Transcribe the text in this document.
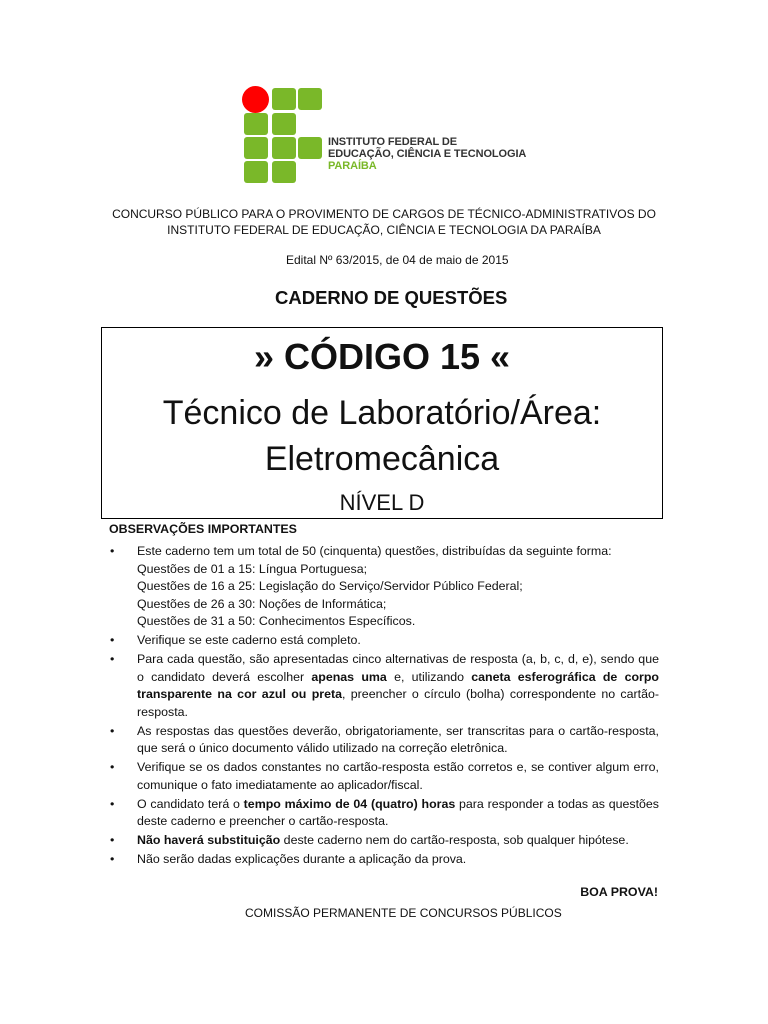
INSTITUTO FEDERAL DE
EDUCAÇÃO, CIÊNCIA E TECNOLOGIA
PARAÍBA
CONCURSO PÚBLICO PARA O PROVIMENTO DE CARGOS DE TÉCNICO-ADMINISTRATIVOS DO
INSTITUTO FEDERAL DE EDUCAÇÃO, CIÊNCIA E TECNOLOGIA DA PARAÍBA
Edital Nº 63/2015, de 04 de maio de 2015
CADERNO DE QUESTÕES
» CÓDIGO 15 «
Técnico de Laboratório/Área:
Eletromecânica
NÍVEL D
OBSERVAÇÕES IMPORTANTES
• Este caderno tem um total de 50 (cinquenta) questões, distribuídas da seguinte forma:
Questões de 01 a 15: Língua Portuguesa;
Questões de 16 a 25: Legislação do Serviço/Servidor Público Federal;
Questões de 26 a 30: Noções de Informática;
Questões de 31 a 50: Conhecimentos Específicos.
• Verifique se este caderno está completo.
• Para cada questão, são apresentadas cinco alternativas de resposta (a, b, c, d, e), sendo que o candidato deverá escolher apenas uma e, utilizando caneta esferográfica de corpo transparente na cor azul ou preta, preencher o círculo (bolha) correspondente no cartão-resposta.
• As respostas das questões deverão, obrigatoriamente, ser transcritas para o cartão-resposta, que será o único documento válido utilizado na correção eletrônica.
• Verifique se os dados constantes no cartão-resposta estão corretos e, se contiver algum erro, comunique o fato imediatamente ao aplicador/fiscal.
• O candidato terá o tempo máximo de 04 (quatro) horas para responder a todas as questões deste caderno e preencher o cartão-resposta.
• Não haverá substituição deste caderno nem do cartão-resposta, sob qualquer hipótese.
• Não serão dadas explicações durante a aplicação da prova.
BOA PROVA!
COMISSÃO PERMANENTE DE CONCURSOS PÚBLICOS
